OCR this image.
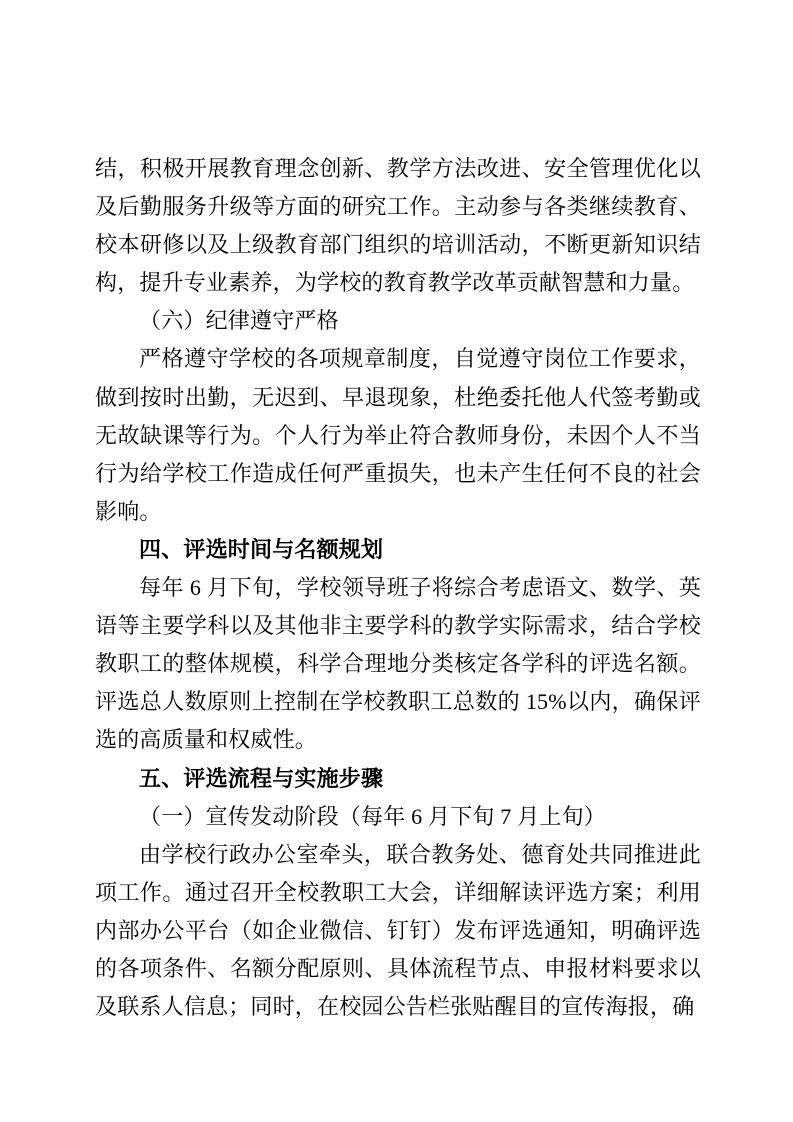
结，积极开展教育理念创新、教学方法改进、安全管理优化以及后勤服务升级等方面的研究工作。主动参与各类继续教育、校本研修以及上级教育部门组织的培训活动，不断更新知识结构，提升专业素养，为学校的教育教学改革贡献智慧和力量。

（六）纪律遵守严格

严格遵守学校的各项规章制度，自觉遵守岗位工作要求，做到按时出勤，无迟到、早退现象，杜绝委托他人代签考勤或无故缺课等行为。个人行为举止符合教师身份，未因个人不当行为给学校工作造成任何严重损失，也未产生任何不良的社会影响。

四、评选时间与名额规划

每年 6 月下旬，学校领导班子将综合考虑语文、数学、英语等主要学科以及其他非主要学科的教学实际需求，结合学校教职工的整体规模，科学合理地分类核定各学科的评选名额。评选总人数原则上控制在学校教职工总数的 15%以内，确保评选的高质量和权威性。

五、评选流程与实施步骤

（一）宣传发动阶段（每年 6 月下旬 7 月上旬）

由学校行政办公室牵头，联合教务处、德育处共同推进此项工作。通过召开全校教职工大会，详细解读评选方案；利用内部办公平台（如企业微信、钉钉）发布评选通知，明确评选的各项条件、名额分配原则、具体流程节点、申报材料要求以及联系人信息；同时，在校园公告栏张贴醒目的宣传海报，确
